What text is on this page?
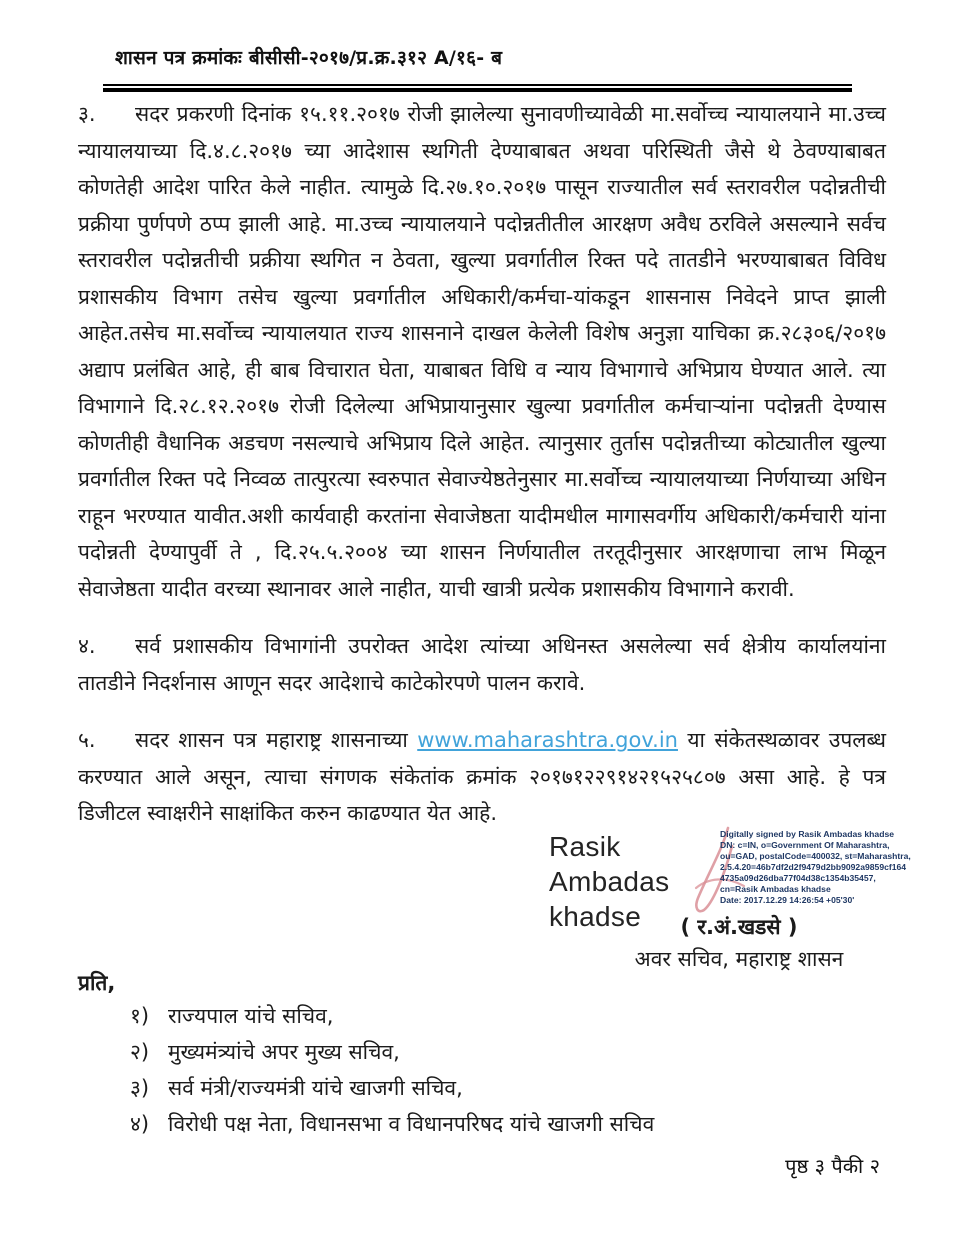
शासन पत्र क्रमांकः बीसीसी-२०१७/प्र.क्र.३१२ A/१६- ब

३. सदर प्रकरणी दिनांक १५.११.२०१७ रोजी झालेल्या सुनावणीच्यावेळी मा.सर्वोच्च न्यायालयाने मा.उच्च न्यायालयाच्या दि.४.८.२०१७ च्या आदेशास स्थगिती देण्याबाबत अथवा परिस्थिती जैसे थे ठेवण्याबाबत कोणतेही आदेश पारित केले नाहीत. त्यामुळे दि.२७.१०.२०१७ पासून राज्यातील सर्व स्तरावरील पदोन्नतीची प्रक्रीया पुर्णपणे ठप्प झाली आहे. मा.उच्च न्यायालयाने पदोन्नतीतील आरक्षण अवैध ठरविले असल्याने सर्वच स्तरावरील पदोन्नतीची प्रक्रीया स्थगित न ठेवता, खुल्या प्रवर्गातील रिक्त पदे तातडीने भरण्याबाबत विविध प्रशासकीय विभाग तसेच खुल्या प्रवर्गातील अधिकारी/कर्मचा-यांकडून शासनास निवेदने प्राप्त झाली आहेत.तसेच मा.सर्वोच्च न्यायालयात राज्य शासनाने दाखल केलेली विशेष अनुज्ञा याचिका क्र.२८३०६/२०१७ अद्याप प्रलंबित आहे, ही बाब विचारात घेता, याबाबत विधि व न्याय विभागाचे अभिप्राय घेण्यात आले. त्या विभागाने दि.२८.१२.२०१७ रोजी दिलेल्या अभिप्रायानुसार खुल्या प्रवर्गातील कर्मचाऱ्यांना पदोन्नती देण्यास कोणतीही वैधानिक अडचण नसल्याचे अभिप्राय दिले आहेत. त्यानुसार तुर्तास पदोन्नतीच्या कोट्यातील खुल्या प्रवर्गातील रिक्त पदे निव्वळ तात्पुरत्या स्वरुपात सेवाज्येष्ठतेनुसार मा.सर्वोच्च न्यायालयाच्या निर्णयाच्या अधिन राहून भरण्यात यावीत.अशी कार्यवाही करतांना सेवाजेष्ठता यादीमधील मागासवर्गीय अधिकारी/कर्मचारी यांना पदोन्नती देण्यापुर्वी ते , दि.२५.५.२००४ च्या शासन निर्णयातील तरतूदीनुसार आरक्षणाचा लाभ मिळून सेवाजेष्ठता यादीत वरच्या स्थानावर आले नाहीत, याची खात्री प्रत्येक प्रशासकीय विभागाने करावी.

४. सर्व प्रशासकीय विभागांनी उपरोक्त आदेश त्यांच्या अधिनस्त असलेल्या सर्व क्षेत्रीय कार्यालयांना तातडीने निदर्शनास आणून सदर आदेशाचे काटेकोरपणे पालन करावे.

५. सदर शासन पत्र महाराष्ट्र शासनाच्या www.maharashtra.gov.in या संकेतस्थळावर उपलब्ध करण्यात आले असून, त्याचा संगणक संकेतांक क्रमांक २०१७१२२९१४२१५२५८०७ असा आहे. हे पत्र डिजीटल स्वाक्षरीने साक्षांकित करुन काढण्यात येत आहे.

Rasik Ambadas
khadse
Digitally signed by Rasik Ambadas khadse
DN: c=IN, o=Government Of Maharashtra,
ou=GAD, postalCode=400032, st=Maharashtra,
2.5.4.20=46b7df2d2f9479d2bb9092a9859cf164
4735a09d26dba77f04d38c1354b35457,
cn=Rasik Ambadas khadse
Date: 2017.12.29 14:26:54 +05'30'
( र.अं.खडसे )
अवर सचिव, महाराष्ट्र शासन
प्रति,
१) राज्यपाल यांचे सचिव,
२) मुख्यमंत्र्यांचे अपर मुख्य सचिव,
३) सर्व मंत्री/राज्यमंत्री यांचे खाजगी सचिव,
४) विरोधी पक्ष नेता, विधानसभा व विधानपरिषद यांचे खाजगी सचिव
पृष्ठ ३ पैकी २
